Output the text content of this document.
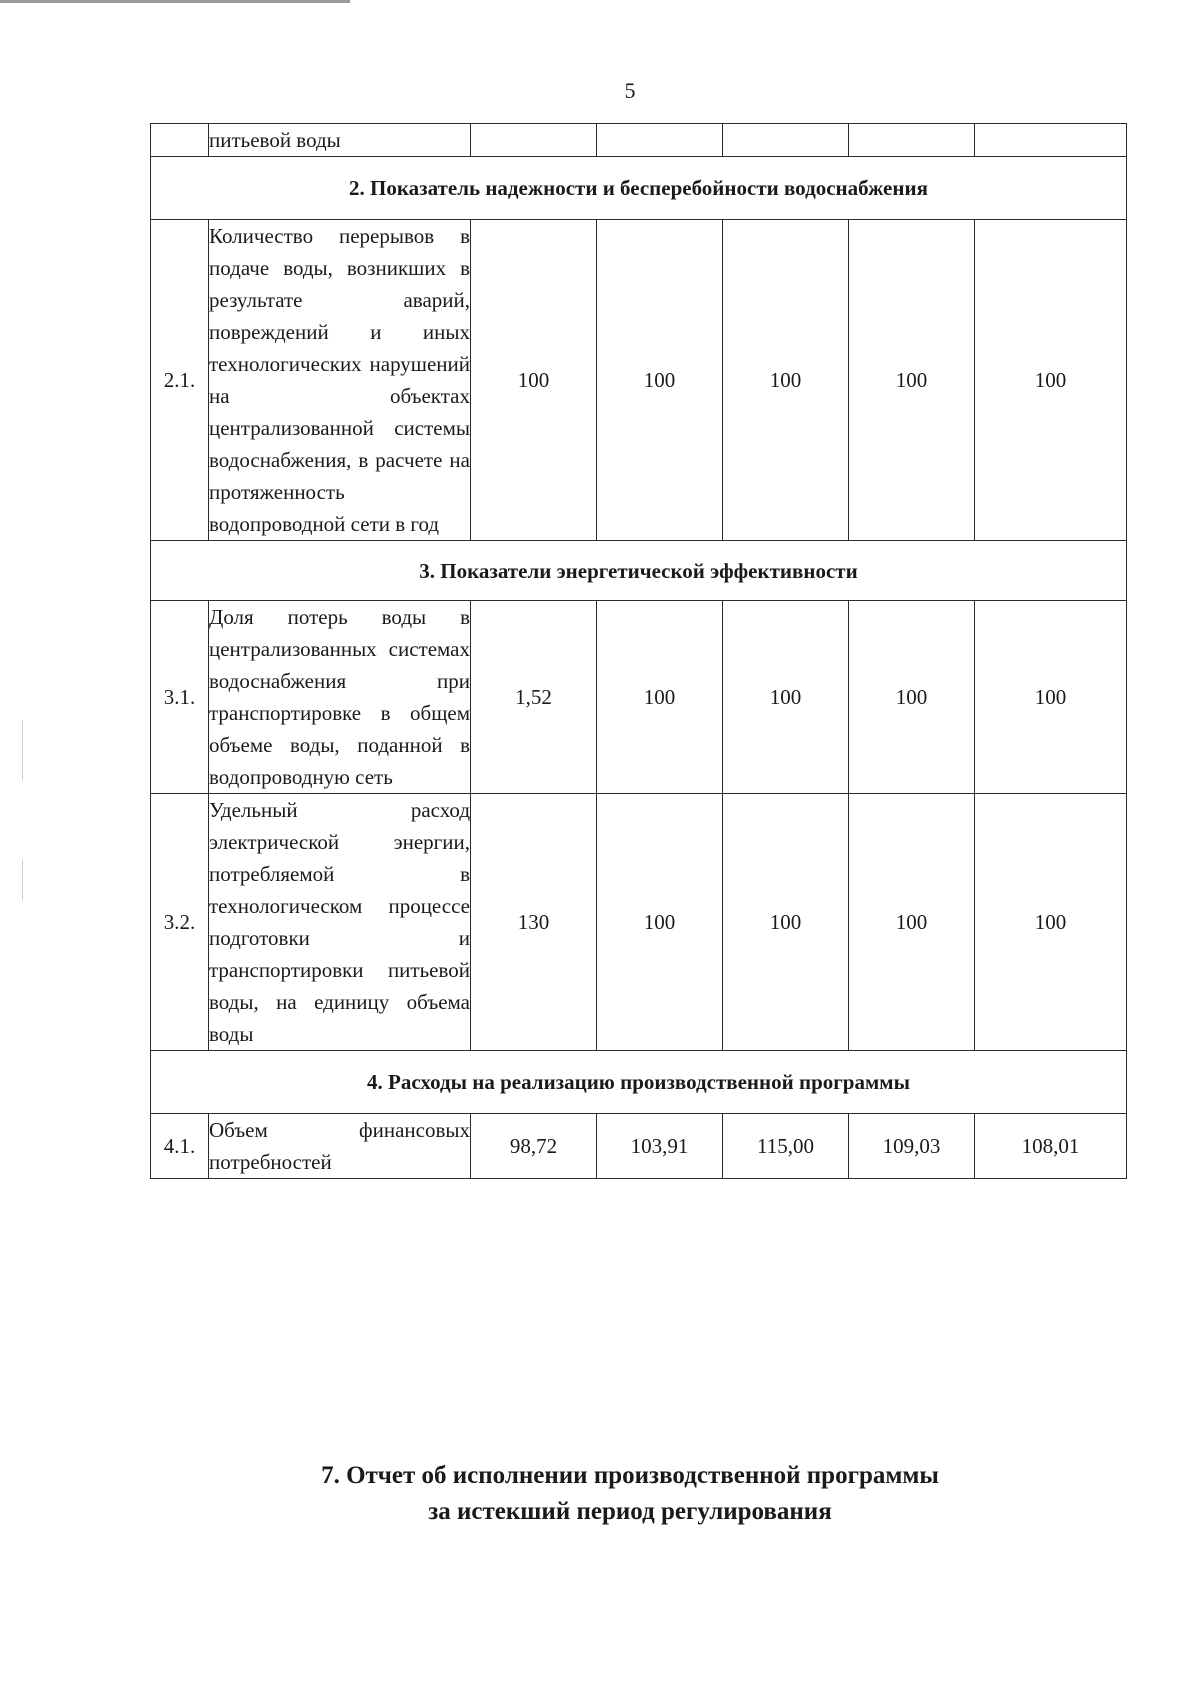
5
	питьевой воды					
2. Показатель надежности и бесперебойности водоснабжения						
2.1.	Количество перерывов в подаче воды, возникших в результате аварий, повреждений и иных технологических нарушений на объектах централизованной системы водоснабжения, в расчете на протяженность водопроводной сети в год	100	100	100	100	100
3. Показатели энергетической эффективности						
3.1.	Доля потерь воды в централизованных системах водоснабжения при транспортировке в общем объеме воды, поданной в водопроводную сеть	1,52	100	100	100	100
3.2.	Удельный расход электрической энергии, потребляемой в технологическом процессе подготовки и транспортировки питьевой воды, на единицу объема воды	130	100	100	100	100
4. Расходы на реализацию производственной программы						
4.1.	Объем финансовых потребностей	98,72	103,91	115,00	109,03	108,01
7. Отчет об исполнении производственной программы
за истекший период регулирования
